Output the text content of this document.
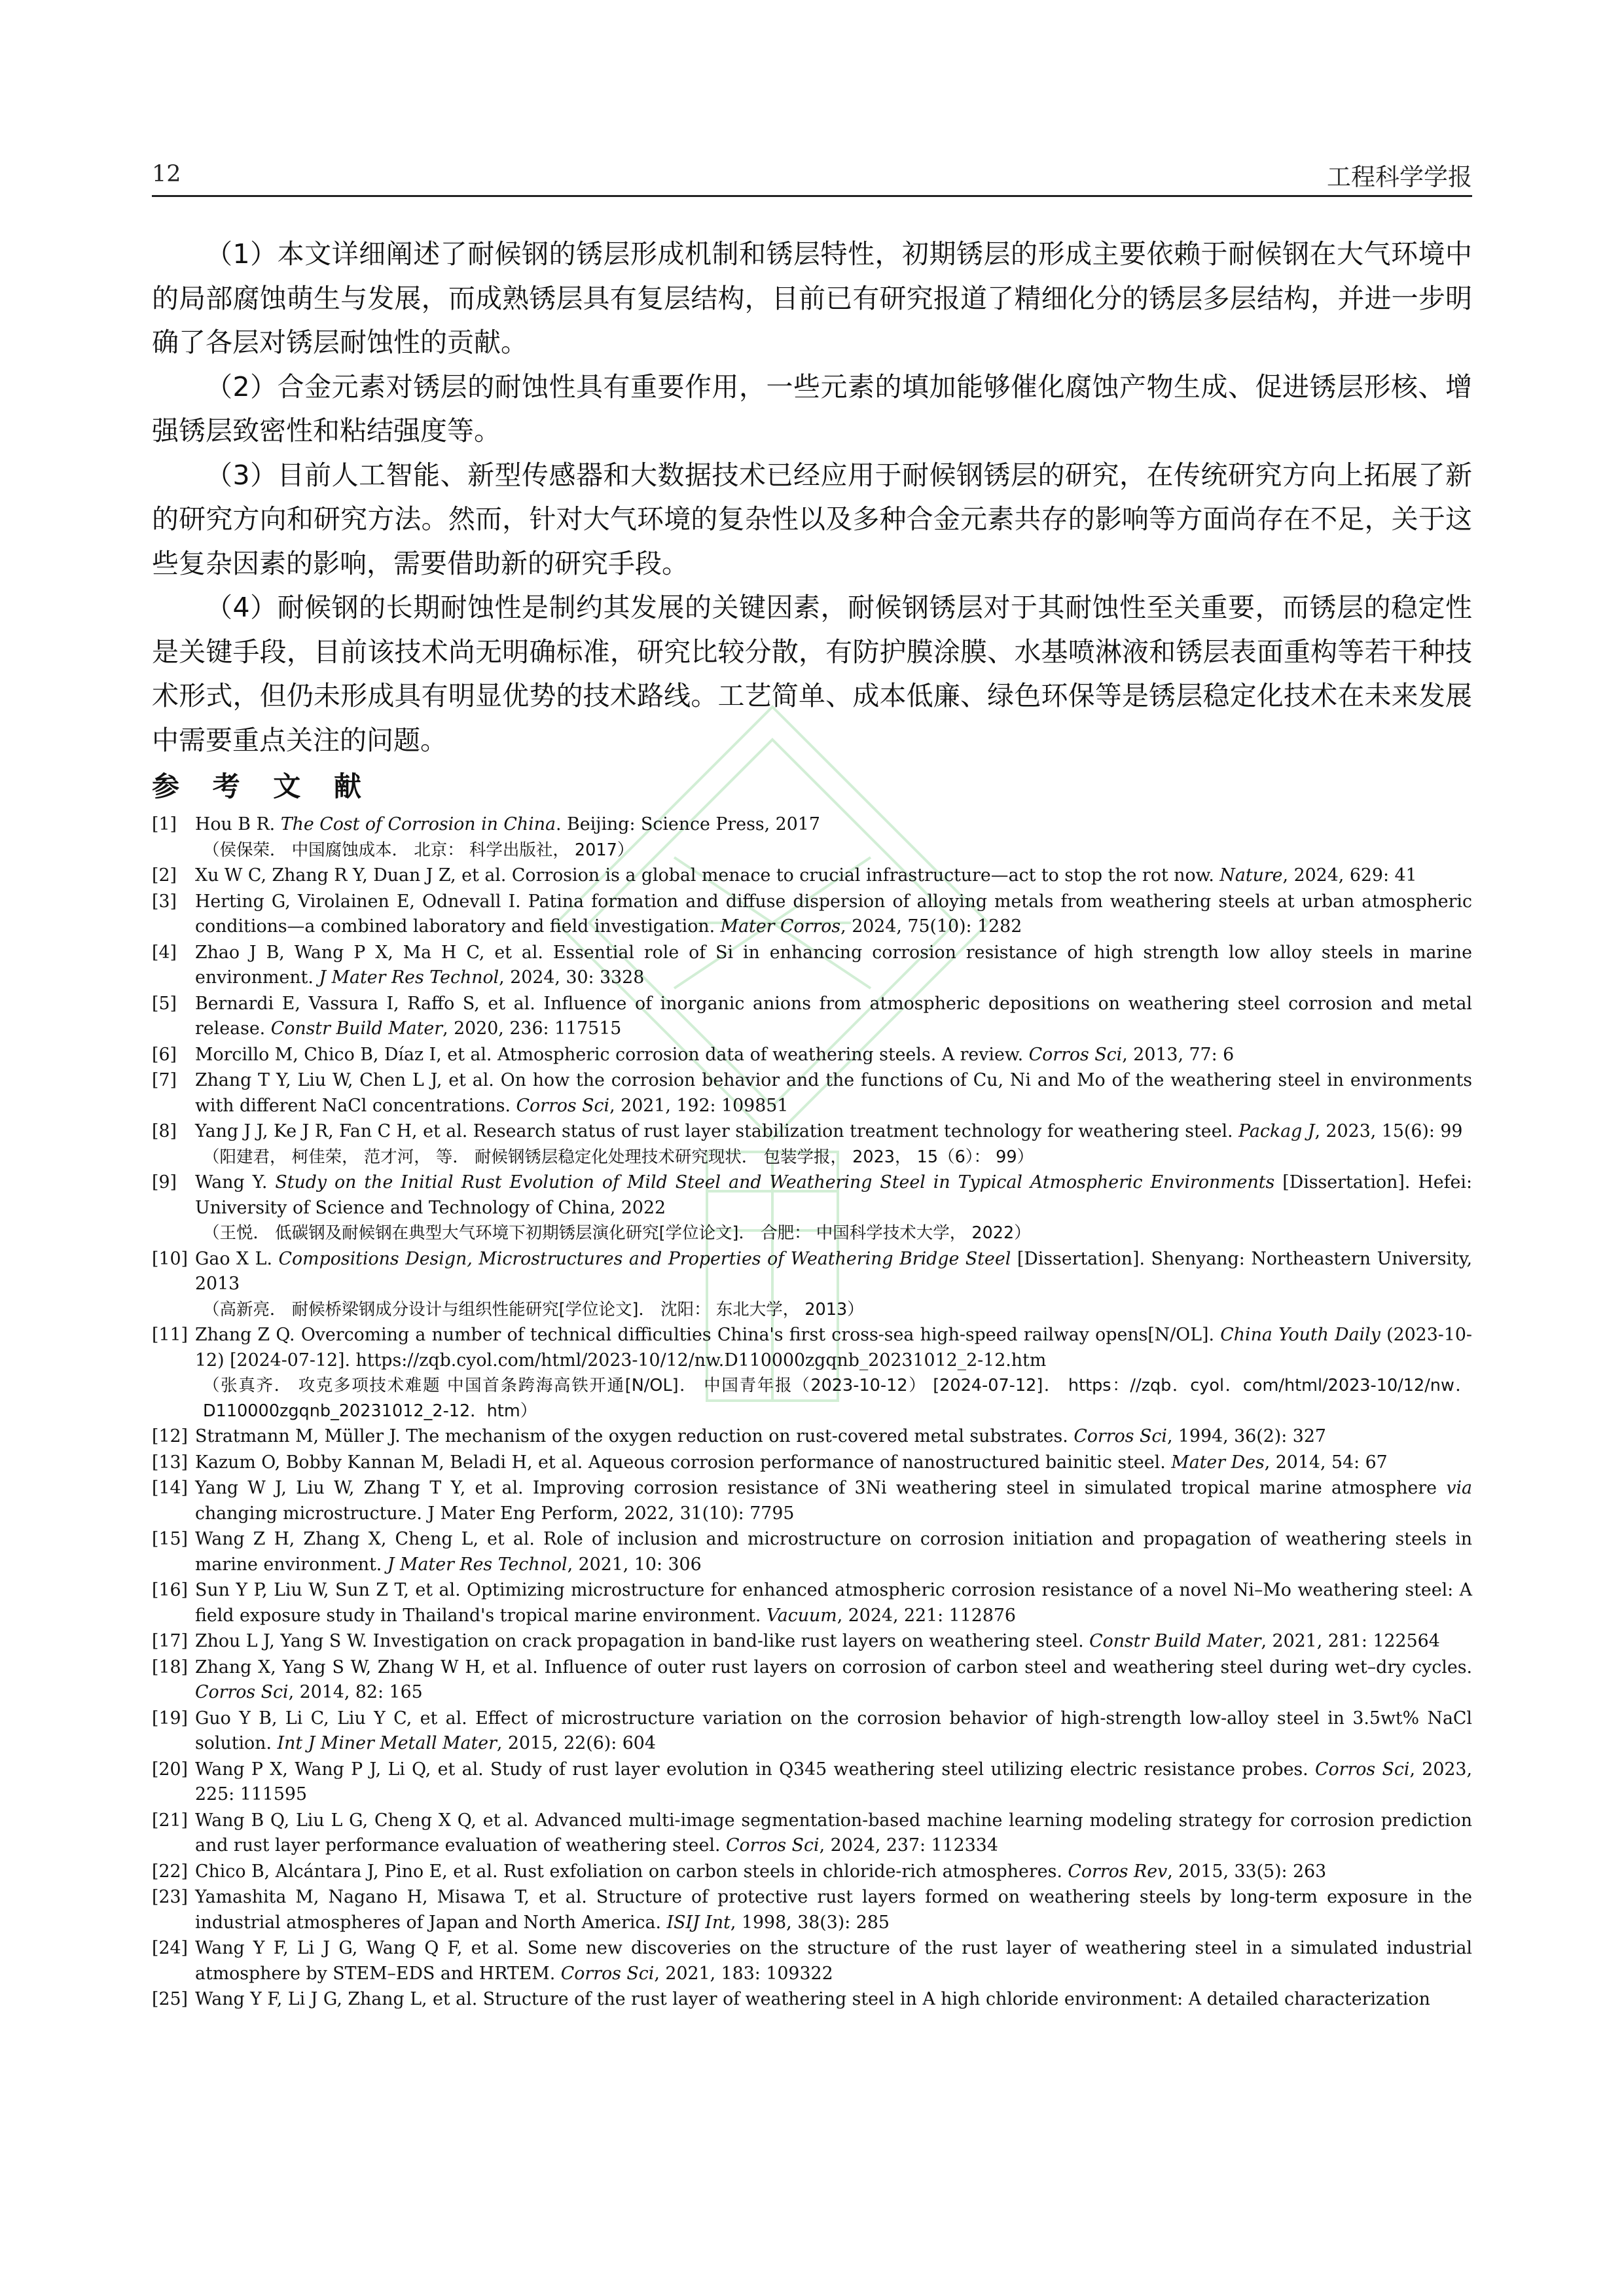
12	工程科学学报

（1）本文详细阐述了耐候钢的锈层形成机制和锈层特性，初期锈层的形成主要依赖于耐候钢在大气环境中的局部腐蚀萌生与发展，而成熟锈层具有复层结构，目前已有研究报道了精细化分的锈层多层结构，并进一步明确了各层对锈层耐蚀性的贡献。

（2）合金元素对锈层的耐蚀性具有重要作用，一些元素的填加能够催化腐蚀产物生成、促进锈层形核、增强锈层致密性和粘结强度等。

（3）目前人工智能、新型传感器和大数据技术已经应用于耐候钢锈层的研究，在传统研究方向上拓展了新的研究方向和研究方法。然而，针对大气环境的复杂性以及多种合金元素共存的影响等方面尚存在不足，关于这些复杂因素的影响，需要借助新的研究手段。

（4）耐候钢的长期耐蚀性是制约其发展的关键因素，耐候钢锈层对于其耐蚀性至关重要，而锈层的稳定性是关键手段，目前该技术尚无明确标准，研究比较分散，有防护膜涂膜、水基喷淋液和锈层表面重构等若干种技术形式，但仍未形成具有明显优势的技术路线。工艺简单、成本低廉、绿色环保等是锈层稳定化技术在未来发展中需要重点关注的问题。

参 考 文 献
[1] Hou B R. The Cost of Corrosion in China. Beijing: Science Press, 2017
（侯保荣． 中国腐蚀成本． 北京： 科学出版社， 2017）
[2] Xu W C, Zhang R Y, Duan J Z, et al. Corrosion is a global menace to crucial infrastructure—act to stop the rot now. Nature, 2024, 629: 41
[3] Herting G, Virolainen E, Odnevall I. Patina formation and diffuse dispersion of alloying metals from weathering steels at urban atmospheric conditions—a combined laboratory and field investigation. Mater Corros, 2024, 75(10): 1282
[4] Zhao J B, Wang P X, Ma H C, et al. Essential role of Si in enhancing corrosion resistance of high strength low alloy steels in marine environment. J Mater Res Technol, 2024, 30: 3328
[5] Bernardi E, Vassura I, Raffo S, et al. Influence of inorganic anions from atmospheric depositions on weathering steel corrosion and metal release. Constr Build Mater, 2020, 236: 117515
[6] Morcillo M, Chico B, Díaz I, et al. Atmospheric corrosion data of weathering steels. A review. Corros Sci, 2013, 77: 6
[7] Zhang T Y, Liu W, Chen L J, et al. On how the corrosion behavior and the functions of Cu, Ni and Mo of the weathering steel in environments with different NaCl concentrations. Corros Sci, 2021, 192: 109851
[8] Yang J J, Ke J R, Fan C H, et al. Research status of rust layer stabilization treatment technology for weathering steel. Packag J, 2023, 15(6): 99
（阳建君， 柯佳荣， 范才河， 等． 耐候钢锈层稳定化处理技术研究现状． 包装学报， 2023， 15（6）： 99）
[9] Wang Y. Study on the Initial Rust Evolution of Mild Steel and Weathering Steel in Typical Atmospheric Environments [Dissertation]. Hefei: University of Science and Technology of China, 2022
（王悦． 低碳钢及耐候钢在典型大气环境下初期锈层演化研究[学位论文]． 合肥： 中国科学技术大学， 2022）
[10] Gao X L. Compositions Design, Microstructures and Properties of Weathering Bridge Steel [Dissertation]. Shenyang: Northeastern University, 2013
（高新亮． 耐候桥梁钢成分设计与组织性能研究[学位论文]． 沈阳： 东北大学， 2013）
[11] Zhang Z Q. Overcoming a number of technical difficulties China's first cross-sea high-speed railway opens[N/OL]. China Youth Daily (2023-10-12) [2024-07-12]. https://zqb.cyol.com/html/2023-10/12/nw.D110000zgqnb_20231012_2-12.htm
（张真齐． 攻克多项技术难题 中国首条跨海高铁开通[N/OL]． 中国青年报（2023-10-12） [2024-07-12]． https：//zqb．cyol．com/html/2023-10/12/nw．D110000zgqnb_20231012_2-12．htm）
[12] Stratmann M, Müller J. The mechanism of the oxygen reduction on rust-covered metal substrates. Corros Sci, 1994, 36(2): 327
[13] Kazum O, Bobby Kannan M, Beladi H, et al. Aqueous corrosion performance of nanostructured bainitic steel. Mater Des, 2014, 54: 67
[14] Yang W J, Liu W, Zhang T Y, et al. Improving corrosion resistance of 3Ni weathering steel in simulated tropical marine atmosphere via changing microstructure. J Mater Eng Perform, 2022, 31(10): 7795
[15] Wang Z H, Zhang X, Cheng L, et al. Role of inclusion and microstructure on corrosion initiation and propagation of weathering steels in marine environment. J Mater Res Technol, 2021, 10: 306
[16] Sun Y P, Liu W, Sun Z T, et al. Optimizing microstructure for enhanced atmospheric corrosion resistance of a novel Ni–Mo weathering steel: A field exposure study in Thailand's tropical marine environment. Vacuum, 2024, 221: 112876
[17] Zhou L J, Yang S W. Investigation on crack propagation in band-like rust layers on weathering steel. Constr Build Mater, 2021, 281: 122564
[18] Zhang X, Yang S W, Zhang W H, et al. Influence of outer rust layers on corrosion of carbon steel and weathering steel during wet–dry cycles. Corros Sci, 2014, 82: 165
[19] Guo Y B, Li C, Liu Y C, et al. Effect of microstructure variation on the corrosion behavior of high-strength low-alloy steel in 3.5wt% NaCl solution. Int J Miner Metall Mater, 2015, 22(6): 604
[20] Wang P X, Wang P J, Li Q, et al. Study of rust layer evolution in Q345 weathering steel utilizing electric resistance probes. Corros Sci, 2023, 225: 111595
[21] Wang B Q, Liu L G, Cheng X Q, et al. Advanced multi-image segmentation-based machine learning modeling strategy for corrosion prediction and rust layer performance evaluation of weathering steel. Corros Sci, 2024, 237: 112334
[22] Chico B, Alcántara J, Pino E, et al. Rust exfoliation on carbon steels in chloride-rich atmospheres. Corros Rev, 2015, 33(5): 263
[23] Yamashita M, Nagano H, Misawa T, et al. Structure of protective rust layers formed on weathering steels by long-term exposure in the industrial atmospheres of Japan and North America. ISIJ Int, 1998, 38(3): 285
[24] Wang Y F, Li J G, Wang Q F, et al. Some new discoveries on the structure of the rust layer of weathering steel in a simulated industrial atmosphere by STEM–EDS and HRTEM. Corros Sci, 2021, 183: 109322
[25] Wang Y F, Li J G, Zhang L, et al. Structure of the rust layer of weathering steel in A high chloride environment: A detailed characterization
